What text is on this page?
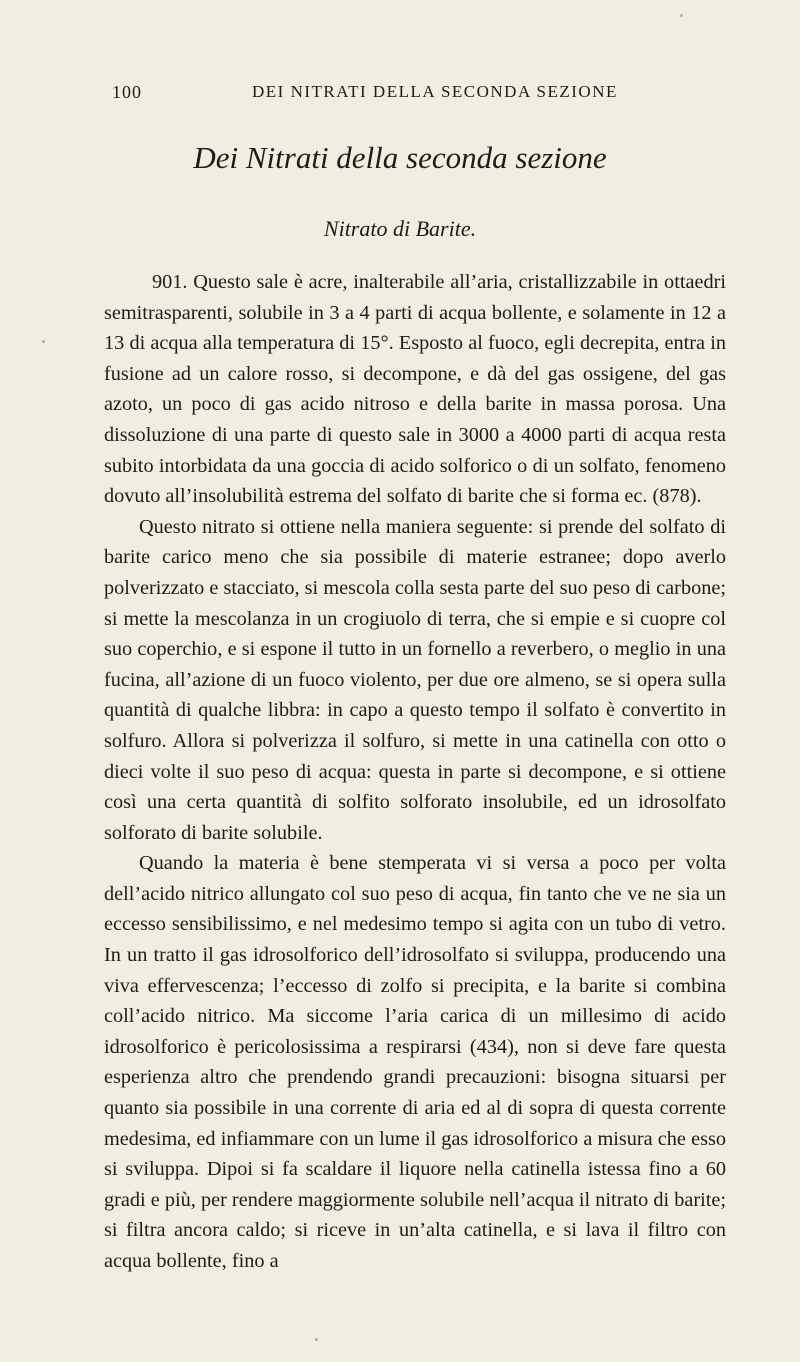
100	DEI NITRATI DELLA SECONDA SEZIONE
Dei Nitrati della seconda sezione
Nitrato di Barite.

901. Questo sale è acre, inalterabile all’aria, cristallizzabile in ottaedri semitrasparenti, solubile in 3 a 4 parti di acqua bollente, e solamente in 12 a 13 di acqua alla temperatura di 15°. Esposto al fuoco, egli decrepita, entra in fusione ad un calore rosso, si decompone, e dà del gas ossigene, del gas azoto, un poco di gas acido nitroso e della barite in massa porosa. Una dissoluzione di una parte di questo sale in 3000 a 4000 parti di acqua resta subito intorbidata da una goccia di acido solforico o di un solfato, fenomeno dovuto all’insolubilità estrema del solfato di barite che si forma ec. (878).

Questo nitrato si ottiene nella maniera seguente: si prende del solfato di barite carico meno che sia possibile di materie estranee; dopo averlo polverizzato e stacciato, si mescola colla sesta parte del suo peso di carbone; si mette la mescolanza in un crogiuolo di terra, che si empie e si cuopre col suo coperchio, e si espone il tutto in un fornello a reverbero, o meglio in una fucina, all’azione di un fuoco violento, per due ore almeno, se si opera sulla quantità di qualche libbra: in capo a questo tempo il solfato è convertito in solfuro. Allora si polverizza il solfuro, si mette in una catinella con otto o dieci volte il suo peso di acqua: questa in parte si decompone, e si ottiene così una certa quantità di solfito solforato insolubile, ed un idrosolfato solforato di barite solubile.

Quando la materia è bene stemperata vi si versa a poco per volta dell’acido nitrico allungato col suo peso di acqua, fin tanto che ve ne sia un eccesso sensibilissimo, e nel medesimo tempo si agita con un tubo di vetro. In un tratto il gas idrosolforico dell’idrosolfato si sviluppa, producendo una viva effervescenza; l’eccesso di zolfo si precipita, e la barite si combina coll’acido nitrico. Ma siccome l’aria carica di un millesimo di acido idrosolforico è pericolosissima a respirarsi (434), non si deve fare questa esperienza altro che prendendo grandi precauzioni: bisogna situarsi per quanto sia possibile in una corrente di aria ed al di sopra di questa corrente medesima, ed infiammare con un lume il gas idrosolforico a misura che esso si sviluppa. Dipoi si fa scaldare il liquore nella catinella istessa fino a 60 gradi e più, per rendere maggiormente solubile nell’acqua il nitrato di barite; si filtra ancora caldo; si riceve in un’alta catinella, e si lava il filtro con acqua bollente, fino a
